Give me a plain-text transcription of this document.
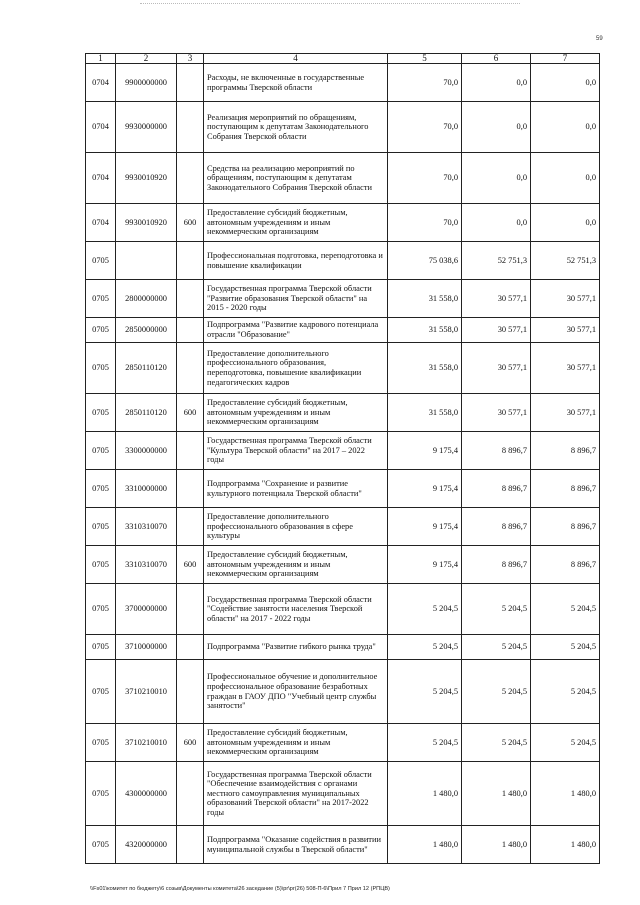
59
1	2	3	4	5	6	7
0704	9900000000		Расходы, не включенные в государственные программы Тверской области	70,0	0,0	0,0
0704	9930000000		Реализация мероприятий по обращениям, поступающим к депутатам Законодательного Собрания Тверской области	70,0	0,0	0,0
0704	9930010920		Средства на реализацию мероприятий по обращениям, поступающим к депутатам Законодательного Собрания Тверской области	70,0	0,0	0,0
0704	9930010920	600	Предоставление субсидий бюджетным, автономным учреждениям и иным некоммерческим организациям	70,0	0,0	0,0
0705			Профессиональная подготовка, переподготовка и повышение квалификации	75 038,6	52 751,3	52 751,3
0705	2800000000		Государственная программа Тверской области "Развитие образования Тверской области" на 2015 - 2020 годы	31 558,0	30 577,1	30 577,1
0705	2850000000		Подпрограмма "Развитие кадрового потенциала отрасли "Образование"	31 558,0	30 577,1	30 577,1
0705	2850110120		Предоставление дополнительного профессионального образования, переподготовка, повышение квалификации педагогических кадров	31 558,0	30 577,1	30 577,1
0705	2850110120	600	Предоставление субсидий бюджетным, автономным учреждениям и иным некоммерческим организациям	31 558,0	30 577,1	30 577,1
0705	3300000000		Государственная программа Тверской области "Культура Тверской области" на 2017 – 2022 годы	9 175,4	8 896,7	8 896,7
0705	3310000000		Подпрограмма "Сохранение и развитие культурного потенциала Тверской области"	9 175,4	8 896,7	8 896,7
0705	3310310070		Предоставление дополнительного профессионального образования в сфере культуры	9 175,4	8 896,7	8 896,7
0705	3310310070	600	Предоставление субсидий бюджетным, автономным учреждениям и иным некоммерческим организациям	9 175,4	8 896,7	8 896,7
0705	3700000000		Государственная программа Тверской области "Содействие занятости населения Тверской области" на 2017 - 2022 годы	5 204,5	5 204,5	5 204,5
0705	3710000000		Подпрограмма "Развитие гибкого рынка труда"	5 204,5	5 204,5	5 204,5
0705	3710210010		Профессиональное обучение и дополнительное профессиональное образование безработных граждан в ГАОУ ДПО "Учебный центр службы занятости"	5 204,5	5 204,5	5 204,5
0705	3710210010	600	Предоставление субсидий бюджетным, автономным учреждениям и иным некоммерческим организациям	5 204,5	5 204,5	5 204,5
0705	4300000000		Государственная программа Тверской области "Обеспечение взаимодействия с органами местного самоуправления муниципальных образований Тверской области" на 2017-2022 годы	1 480,0	1 480,0	1 480,0
0705	4320000000		Подпрограмма "Оказание содействия в развитии муниципальной службы в Тверской области"	1 480,0	1 480,0	1 480,0
\\Fs01\комитет по бюджету\6 созыв\Документы комитета\26 заседание (5)\pr\pr(26) 508-П-6\Прил 7 Прил 12 (РПЦВ)
